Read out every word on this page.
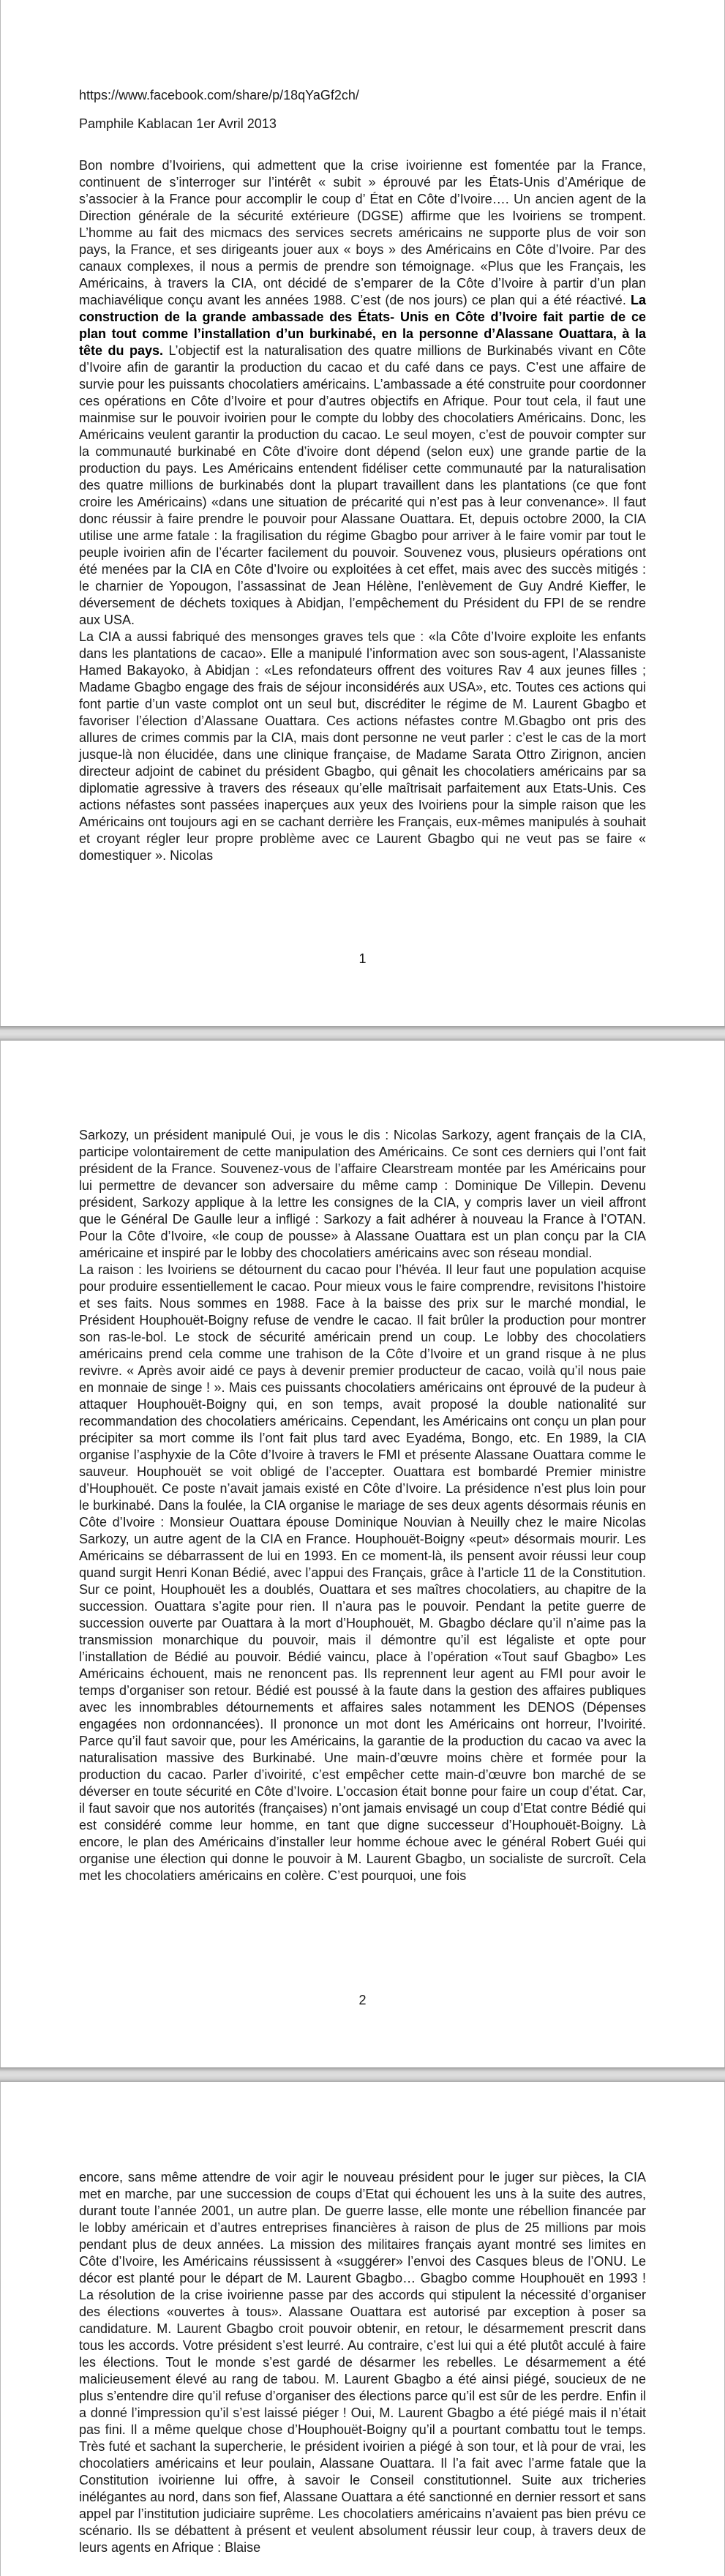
https://www.facebook.com/share/p/18qYaGf2ch/
Pamphile Kablacan 1er Avril 2013

Bon nombre d’Ivoiriens, qui admettent que la crise ivoirienne est fomentée par la France, continuent de s’interroger sur l’intérêt « subit » éprouvé par les États-Unis d’Amérique de s’associer à la France pour accomplir le coup d’ État en Côte d’Ivoire…. Un ancien agent de la Direction générale de la sécurité extérieure (DGSE) affirme que les Ivoiriens se trompent. L’homme au fait des micmacs des services secrets américains ne supporte plus de voir son pays, la France, et ses dirigeants jouer aux « boys » des Américains en Côte d’Ivoire. Par des canaux complexes, il nous a permis de prendre son témoignage. «Plus que les Français, les Américains, à travers la CIA, ont décidé de s’emparer de la Côte d’Ivoire à partir d’un plan machiavélique conçu avant les années 1988. C’est (de nos jours) ce plan qui a été réactivé. La construction de la grande ambassade des États- Unis en Côte d’Ivoire fait partie de ce plan tout comme l’installation d’un burkinabé, en la personne d’Alassane Ouattara, à la tête du pays. L’objectif est la naturalisation des quatre millions de Burkinabés vivant en Côte d’Ivoire afin de garantir la production du cacao et du café dans ce pays. C’est une affaire de survie pour les puissants chocolatiers américains. L’ambassade a été construite pour coordonner ces opérations en Côte d’Ivoire et pour d’autres objectifs en Afrique. Pour tout cela, il faut une mainmise sur le pouvoir ivoirien pour le compte du lobby des chocolatiers Américains. Donc, les Américains veulent garantir la production du cacao. Le seul moyen, c’est de pouvoir compter sur la communauté burkinabé en Côte d’ivoire dont dépend (selon eux) une grande partie de la production du pays. Les Américains entendent fidéliser cette communauté par la naturalisation des quatre millions de burkinabés dont la plupart travaillent dans les plantations (ce que font croire les Américains) «dans une situation de précarité qui n’est pas à leur convenance». Il faut donc réussir à faire prendre le pouvoir pour Alassane Ouattara. Et, depuis octobre 2000, la CIA utilise une arme fatale : la fragilisation du régime Gbagbo pour arriver à le faire vomir par tout le peuple ivoirien afin de l’écarter facilement du pouvoir. Souvenez vous, plusieurs opérations ont été menées par la CIA en Côte d’Ivoire ou exploitées à cet effet, mais avec des succès mitigés : le charnier de Yopougon, l’assassinat de Jean Hélène, l’enlèvement de Guy André Kieffer, le déversement de déchets toxiques à Abidjan, l’empêchement du Président du FPI de se rendre aux USA.

La CIA a aussi fabriqué des mensonges graves tels que : «la Côte d’Ivoire exploite les enfants dans les plantations de cacao». Elle a manipulé l’information avec son sous-agent, l’Alassaniste Hamed Bakayoko, à Abidjan : «Les refondateurs offrent des voitures Rav 4 aux jeunes filles ; Madame Gbagbo engage des frais de séjour inconsidérés aux USA», etc. Toutes ces actions qui font partie d’un vaste complot ont un seul but, discréditer le régime de M. Laurent Gbagbo et favoriser l’élection d’Alassane Ouattara. Ces actions néfastes contre M.Gbagbo ont pris des allures de crimes commis par la CIA, mais dont personne ne veut parler : c’est le cas de la mort jusque-là non élucidée, dans une clinique française, de Madame Sarata Ottro Zirignon, ancien directeur adjoint de cabinet du président Gbagbo, qui gênait les chocolatiers américains par sa diplomatie agressive à travers des réseaux qu’elle maîtrisait parfaitement aux Etats-Unis. Ces actions néfastes sont passées inaperçues aux yeux des Ivoiriens pour la simple raison que les Américains ont toujours agi en se cachant derrière les Français, eux-mêmes manipulés à souhait et croyant régler leur propre problème avec ce Laurent Gbagbo qui ne veut pas se faire « domestiquer ». Nicolas

1

Sarkozy, un président manipulé Oui, je vous le dis : Nicolas Sarkozy, agent français de la CIA, participe volontairement de cette manipulation des Américains. Ce sont ces derniers qui l’ont fait président de la France. Souvenez-vous de l’affaire Clearstream montée par les Américains pour lui permettre de devancer son adversaire du même camp : Dominique De Villepin. Devenu président, Sarkozy applique à la lettre les consignes de la CIA, y compris laver un vieil affront que le Général De Gaulle leur a infligé : Sarkozy a fait adhérer à nouveau la France à l’OTAN. Pour la Côte d’Ivoire, «le coup de pousse» à Alassane Ouattara est un plan conçu par la CIA américaine et inspiré par le lobby des chocolatiers américains avec son réseau mondial.

La raison : les Ivoiriens se détournent du cacao pour l’hévéa. Il leur faut une population acquise pour produire essentiellement le cacao. Pour mieux vous le faire comprendre, revisitons l’histoire et ses faits. Nous sommes en 1988. Face à la baisse des prix sur le marché mondial, le Président Houphouët-Boigny refuse de vendre le cacao. Il fait brûler la production pour montrer son ras-le-bol. Le stock de sécurité américain prend un coup. Le lobby des chocolatiers américains prend cela comme une trahison de la Côte d’Ivoire et un grand risque à ne plus revivre. « Après avoir aidé ce pays à devenir premier producteur de cacao, voilà qu’il nous paie en monnaie de singe ! ». Mais ces puissants chocolatiers américains ont éprouvé de la pudeur à attaquer Houphouët-Boigny qui, en son temps, avait proposé la double nationalité sur recommandation des chocolatiers américains. Cependant, les Américains ont conçu un plan pour précipiter sa mort comme ils l’ont fait plus tard avec Eyadéma, Bongo, etc. En 1989, la CIA organise l’asphyxie de la Côte d’Ivoire à travers le FMI et présente Alassane Ouattara comme le sauveur. Houphouët se voit obligé de l’accepter. Ouattara est bombardé Premier ministre d’Houphouët. Ce poste n’avait jamais existé en Côte d’Ivoire. La présidence n’est plus loin pour le burkinabé. Dans la foulée, la CIA organise le mariage de ses deux agents désormais réunis en Côte d’Ivoire : Monsieur Ouattara épouse Dominique Nouvian à Neuilly chez le maire Nicolas Sarkozy, un autre agent de la CIA en France. Houphouët-Boigny «peut» désormais mourir. Les Américains se débarrassent de lui en 1993. En ce moment-là, ils pensent avoir réussi leur coup quand surgit Henri Konan Bédié, avec l’appui des Français, grâce à l’article 11 de la Constitution. Sur ce point, Houphouët les a doublés, Ouattara et ses maîtres chocolatiers, au chapitre de la succession. Ouattara s’agite pour rien. Il n’aura pas le pouvoir. Pendant la petite guerre de succession ouverte par Ouattara à la mort d’Houphouët, M. Gbagbo déclare qu’il n’aime pas la transmission monarchique du pouvoir, mais il démontre qu’il est légaliste et opte pour l’installation de Bédié au pouvoir. Bédié vaincu, place à l’opération «Tout sauf Gbagbo» Les Américains échouent, mais ne renoncent pas. Ils reprennent leur agent au FMI pour avoir le temps d’organiser son retour. Bédié est poussé à la faute dans la gestion des affaires publiques avec les innombrables détournements et affaires sales notamment les DENOS (Dépenses engagées non ordonnancées). Il prononce un mot dont les Américains ont horreur, l’Ivoirité. Parce qu’il faut savoir que, pour les Américains, la garantie de la production du cacao va avec la naturalisation massive des Burkinabé. Une main-d’œuvre moins chère et formée pour la production du cacao. Parler d’ivoirité, c’est empêcher cette main-d’œuvre bon marché de se déverser en toute sécurité en Côte d’Ivoire. L’occasion était bonne pour faire un coup d’état. Car, il faut savoir que nos autorités (françaises) n’ont jamais envisagé un coup d’Etat contre Bédié qui est considéré comme leur homme, en tant que digne successeur d’Houphouët-Boigny. Là encore, le plan des Américains d’installer leur homme échoue avec le général Robert Guéi qui organise une élection qui donne le pouvoir à M. Laurent Gbagbo, un socialiste de surcroît. Cela met les chocolatiers américains en colère. C’est pourquoi, une fois

2

encore, sans même attendre de voir agir le nouveau président pour le juger sur pièces, la CIA met en marche, par une succession de coups d’Etat qui échouent les uns à la suite des autres, durant toute l’année 2001, un autre plan. De guerre lasse, elle monte une rébellion financée par le lobby américain et d’autres entreprises financières à raison de plus de 25 millions par mois pendant plus de deux années. La mission des militaires français ayant montré ses limites en Côte d’Ivoire, les Américains réussissent à «suggérer» l’envoi des Casques bleus de l’ONU. Le décor est planté pour le départ de M. Laurent Gbagbo… Gbagbo comme Houphouët en 1993 ! La résolution de la crise ivoirienne passe par des accords qui stipulent la nécessité d’organiser des élections «ouvertes à tous». Alassane Ouattara est autorisé par exception à poser sa candidature. M. Laurent Gbagbo croit pouvoir obtenir, en retour, le désarmement prescrit dans tous les accords. Votre président s’est leurré. Au contraire, c’est lui qui a été plutôt acculé à faire les élections. Tout le monde s’est gardé de désarmer les rebelles. Le désarmement a été malicieusement élevé au rang de tabou. M. Laurent Gbagbo a été ainsi piégé, soucieux de ne plus s’entendre dire qu’il refuse d’organiser des élections parce qu’il est sûr de les perdre. Enfin il a donné l’impression qu’il s’est laissé piéger ! Oui, M. Laurent Gbagbo a été piégé mais il n’était pas fini. Il a même quelque chose d’Houphouët-Boigny qu’il a pourtant combattu tout le temps. Très futé et sachant la supercherie, le président ivoirien a piégé à son tour, et là pour de vrai, les chocolatiers américains et leur poulain, Alassane Ouattara. Il l’a fait avec l’arme fatale que la Constitution ivoirienne lui offre, à savoir le Conseil constitutionnel. Suite aux tricheries inélégantes au nord, dans son fief, Alassane Ouattara a été sanctionné en dernier ressort et sans appel par l’institution judiciaire suprême. Les chocolatiers américains n’avaient pas bien prévu ce scénario. Ils se débattent à présent et veulent absolument réussir leur coup, à travers deux de leurs agents en Afrique : Blaise
